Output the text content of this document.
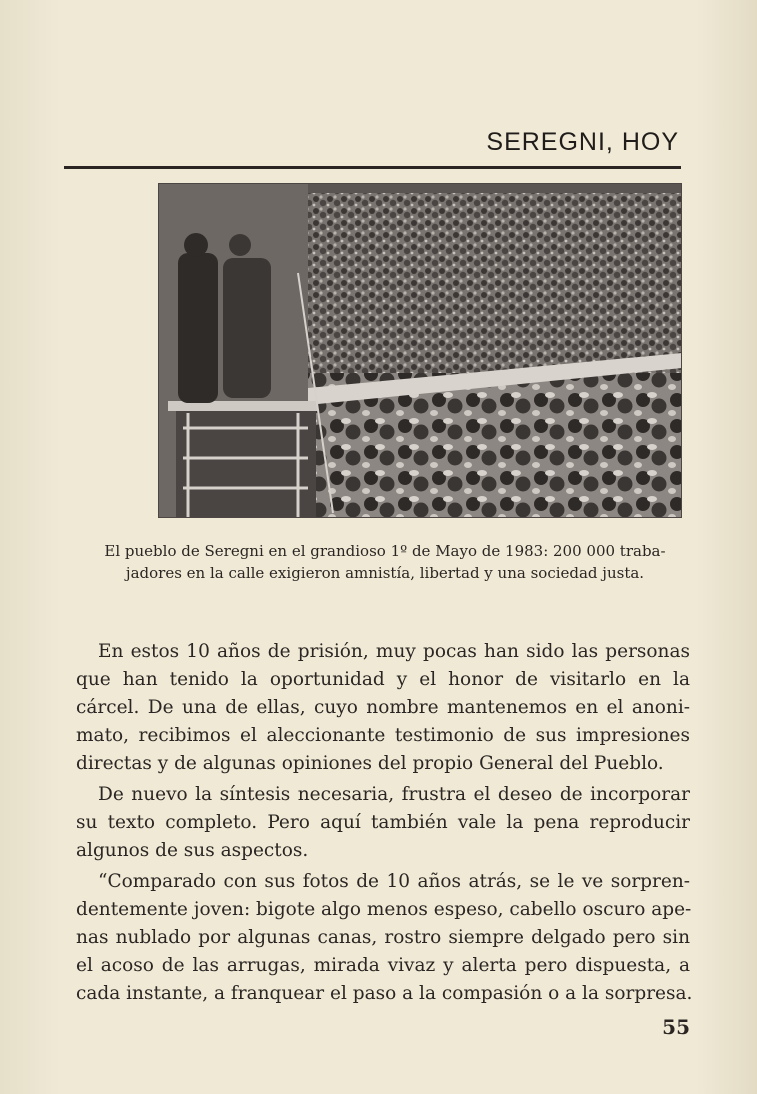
SEREGNI, HOY
El pueblo de Seregni en el grandioso 1º de Mayo de 1983: 200 000 traba-
jadores en la calle exigieron amnistía, libertad y una sociedad justa.

En estos 10 años de prisión, muy pocas han sido las personas
que han tenido la oportunidad y el honor de visitarlo en la
cárcel. De una de ellas, cuyo nombre mantenemos en el anoni-
mato, recibimos el aleccionante testimonio de sus impresiones
directas y de algunas opiniones del propio General del Pueblo.

De nuevo la síntesis necesaria, frustra el deseo de incorporar
su texto completo. Pero aquí también vale la pena reproducir
algunos de sus aspectos.

“Comparado con sus fotos de 10 años atrás, se le ve sorpren-
dentemente joven: bigote algo menos espeso, cabello oscuro ape-
nas nublado por algunas canas, rostro siempre delgado pero sin
el acoso de las arrugas, mirada vivaz y alerta pero dispuesta, a
cada instante, a franquear el paso a la compasión o a la sorpresa.

55
